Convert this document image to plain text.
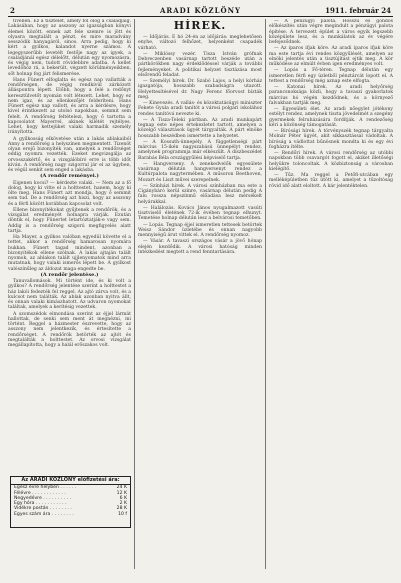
2	ARADI KÖZLÖNY	1911. február 24

tívellen. Ez a tisztelet, amely föl ölög a családjaig. Lakásában, hogy az asszony az igazságban könyvi élemei között, ennek azt fele szemre is jött és olyasra megtalált a pénzt, és mire maradvány sesszódik hanyagáról, sinos. Arra pedig, hogy ki kért a gyilkos, kalandot nyerne számos. A legegyszerűbb levetélt festője nagy az igyek, a családjánál egész délelőtt, délután egy nyomozásra, és végig nem, tudott rövidebbre adatba. A kellet levedőhöz rá, a bekerült, végzett körülményeikben, sőt holnap fog járt felismerése.

Hans Fünert elfoglalta és egész nap vallatták a rendőrségen, de végig rendkívül zárkózott álláspontra lépett. Előbb, hogy a felé a redőnyt keresztülvetőt nyomán volt létezett. Lehet, hogy ez nem igaz, és az ellenkezőjét felderíteni. Hans Fünert egész nap vallott, és arra a kérdésre, hogy kivel érintkezett az utolsó napokban, semmit sem felelt. A rendőrség feltételezi, hogy ő tartotta a kapcsolatot Mayerrel, akinek kilétét rejtélyes. Lehet, hogy kettejüket valaki harmadik személy irányította.

A gyilkosság elkövetése után a lakás ablakaiból Anny a rendőrség a helyszínen megmentett. Tizenöt olyan erejű bizonyíték van, amelyek a rendőrséget eddig nyomra vezették. Ezeket megvizsgálja az orvosszakértő, és a vizsgálóbíró erre is több időt kíván. A rendőrség nagy szigorral jár el az ügyben, és végül senkit sem enged a lakásba.

(A rendőr reményei.)

Eigenen kocsi? — kérdezte valaki. — Nem az a fő dolog, hogy ki vitte el a holttestet, hanem, hogy ki ölte meg. Hans Fünert azt mondja, hogy ő semmit sem tud. De a rendőrség azt hiszi, hogy az asszony és a férfi között korábban kapcsolat volt.

Ellene bizonyítékokat gyűjtenek a rendőrök, és a vizsgálat eredményét holnapra várják. Ezután döntik el, hogy Fünertet letartóztatják-e vagy sem. Addig is a rendőrség szigorú megfigyelés alatt tartja.

Ha Mayer, a gyilkos valóban egyedül követte el a tettet, akkor a rendőrség hamarosan nyomára bukkan. Fünert tagad mindent, azonban a bizonyítékok ellene szólnak. A lakás ajtaján talált nyomok, az ablakon talált ujjlenyomatok mind arra mutatnak, hogy valaki ismerős lépett be. A gyilkost valószínűleg az áldozat maga engedte be.

(A rendőr jelentése.)

Tanuvallomások. Mi történt ide, és ki volt a gyilkos? A rendőrség jelentése szerint a holttestet a ház lakói fedezték fel reggel. Az ajtó zárva volt, és a kulcsot nem találták. Az ablak azonban nyitva állt, és onnan valaki kimászhatott. Az udvaron nyomokat találtak, amelyek a kerítésig vezettek.

A szomszédok elmondása szerint az éjjel lármát hallottak, de senki sem ment át megnézni, mi történt. Reggel a házmester észrevette, hogy az asszony nem jelentkezik, és értesítette a rendőrséget. A rendőrök betörték az ajtót és megtalálták a holttestet. Az orvosi vizsgálat megállapította, hogy a halál erőszakos volt.

Az ARADI KÖZLÖNY előfizetési ára:
Egész évre helyben . . . . . .	24 K
Félévre . . . . . . . . . . . .	12 K
Negyedévre . . . . . . . . . .	6 K
Egy hóra . . . . . . . . . . .	2 K
Vidékre postán . . . . . . . .	28 K
Egyes szám ára . . . . . . . .	10 f
HÍREK.

— Időjárás. E hó 24-én az időjárás: meglehetősen enyhe, változó felhőzet, helyenként csapadék várható.

— Miklóssy vezér. Tisza István grófnak Debreczenben vasárnap tartott beszéde után a pártkörökben nagy érdeklődéssel várják a további fejleményeket. A politikai helyzet tisztázása most elsőrendű feladat.

— Személyi hírek. Dr. Szabó Lajos, a helyi kórház igazgatója, hosszabb szabadságra utazott. Helyettesítésével dr. Nagy Ferenc főorvost bízták meg.

— Kinevezés. A vallás- és közoktatásügyi miniszter Fekete Gyula aradi tanítót a városi polgári iskolához rendes tanítóvá nevezte ki.

— A Tisza-Teleki pártban. Az aradi munkapárt tegnap este népes értekezletet tartott, amelyen a közelgő választások ügyét tárgyalták. A párt elnöke hosszabb beszédben ismertette a helyzetet.

— A Kossuth-ünnepély. A függetlenségi párt március 15-ikén nagyszabású ünnepélyt rendez, amelynek programmja már elkészült. A díszbeszédet Barabás Béla országgyűlési képviselő tartja.

— Hangverseny. A zenekedvelők egyesülete vasárnap délután hangversenyt rendez a Kultúrpalota nagytermében. A műsoron Beethoven, Mozart és Liszt művei szerepelnek.

— Színházi hírek. A városi színházban ma este a Cigánybáró kerül színre, vasárnap délután pedig A falu rossza népszínmű előadása lesz mérsékelt helyárakkal.

— Halálozás. Kovács János nyugalmazott vasúti tisztviselő életének 72-ik évében tegnap elhunyt. Temetése holnap délután lesz a belvárosi temetőben.

— Lopás. Tegnap éjjel ismeretlen tettesek betörtek Weisz Sándor üzletébe és onnan nagyobb mennyiségű árut vittek el. A rendőrség nyomoz.

— Vásár. A tavaszi országos vásár a jövő hónap elején kezdődik. A városi hatóság minden intézkedést megtett a rend fenntartására.

— A pénzügyi palota. Hosszú és gondos előkészítés után végre megindult a pénzügyi palota építése. A tervezett épület a város egyik legszebb középülete lesz, és a munkálatok az év végére befejeződnek.

— Az iparos ifjak köre. Az aradi iparos ifjak köre ma este tartja évi rendes közgyűlését, amelyen az elnöki jelentés után a tisztújítást ejtik meg. A kör működése az elmúlt évben igen eredményes volt.

— Lopás a Fő-téren. Tegnap délután egy ismeretlen férfi egy üzletből pénztárcát lopott el. A tettest a rendőrség még aznap este elfogta.

— Katonai hírek. Az aradi helyőrség parancsnoksága közli, hogy a tavaszi gyakorlatok március hó végén kezdődnek, és a környező falvakban tartják meg.

— Egyesületi élet. Az aradi nőegylet jótékony estélyt rendez, amelynek tiszta jövedelmét a szegény gyermekek felruházására fordítják. A rendezőség kéri a közönség támogatását.

— Bírósági hírek. A törvényszék tegnap tárgyalta Molnár Péter ügyét, akit sikkasztással vádoltak. A bíróság a vádlottat bűnösnek mondta ki és egy évi fogházra ítélte.

— Rendőri hírek. A városi rendőrség az utóbbi napokban több csavargót fogott el, akiket illetőségi helyükre toloncoltak. A közbiztonság a városban kielégítő.

— Tűz. Ma reggel a Petőfi-utcában egy melléképületben tűz ütött ki, amelyet a tűzoltóság rövid idő alatt eloltott. A kár jelentéktelen.
